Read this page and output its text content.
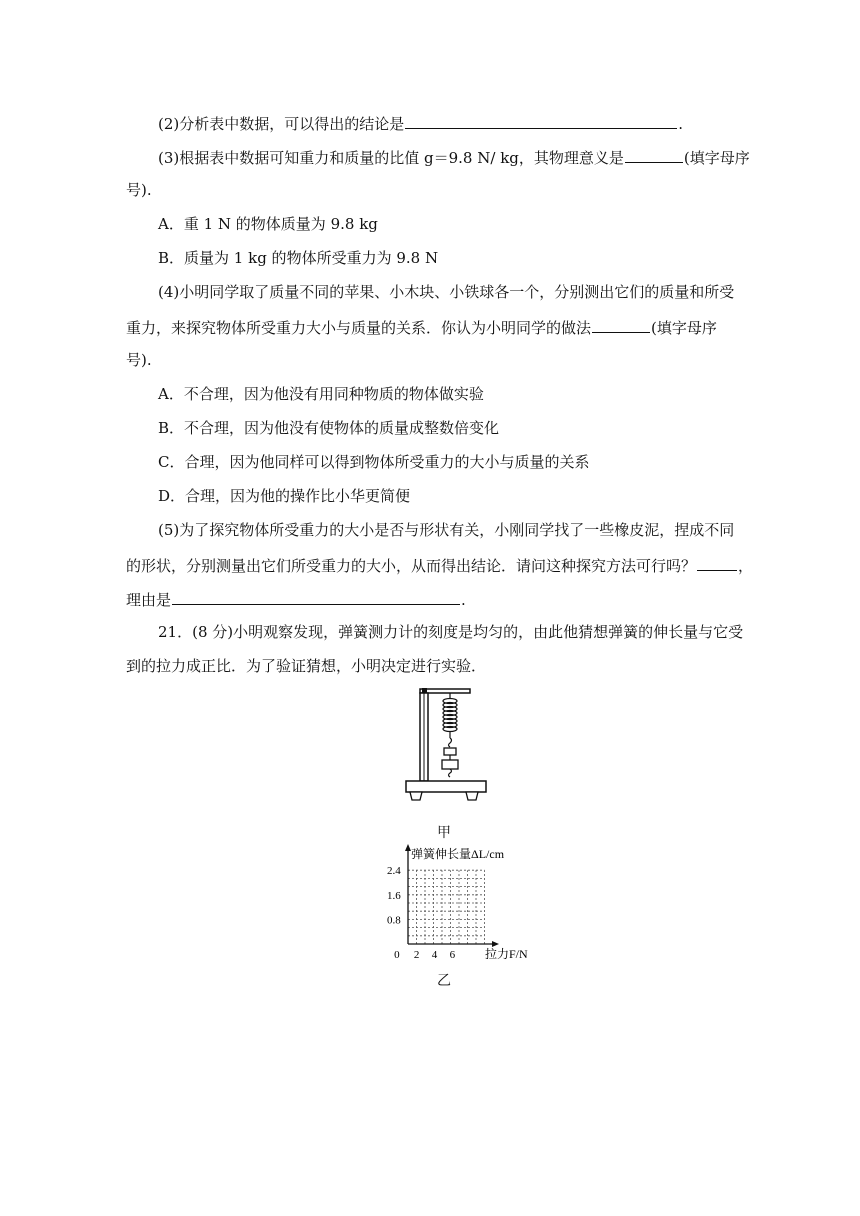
(2)分析表中数据，可以得出的结论是	.
(3)根据表中数据可知重力和质量的比值 g＝9.8 N/ kg，其物理意义是	(填字母序
号).
A．重 1 N 的物体质量为 9.8 kg
B．质量为 1 kg 的物体所受重力为 9.8 N
(4)小明同学取了质量不同的苹果、小木块、小铁球各一个，分别测出它们的质量和所受
重力，来探究物体所受重力大小与质量的关系．你认为小明同学的做法	(填字母序
号).
A．不合理，因为他没有用同种物质的物体做实验
B．不合理，因为他没有使物体的质量成整数倍变化
C．合理，因为他同样可以得到物体所受重力的大小与质量的关系
D．合理，因为他的操作比小华更简便
(5)为了探究物体所受重力的大小是否与形状有关，小刚同学找了一些橡皮泥，捏成不同
的形状，分别测量出它们所受重力的大小，从而得出结论．请问这种探究方法可行吗？	，
理由是	.
21．(8 分)小明观察发现，弹簧测力计的刻度是均匀的，由此他猜想弹簧的伸长量与它受
到的拉力成正比．为了验证猜想，小明决定进行实验．
甲
弹簧伸长量ΔL/cm
拉力F/N
2.4
1.6
0.8
0 2 4 6
乙
